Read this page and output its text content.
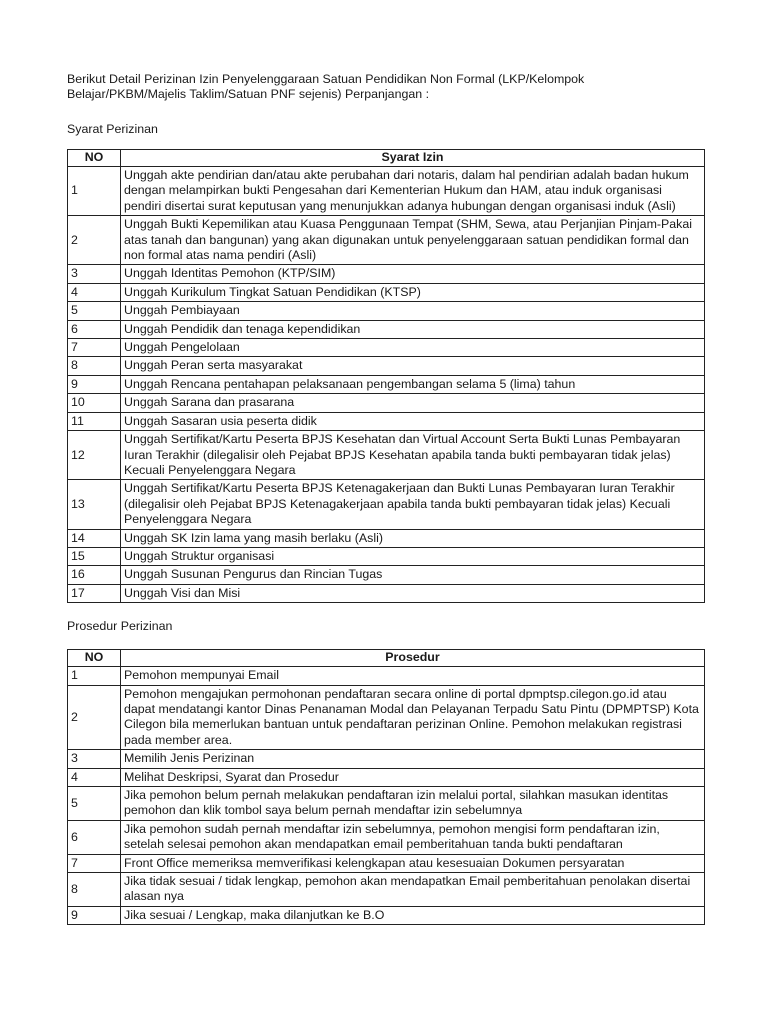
Berikut Detail Perizinan Izin Penyelenggaraan Satuan Pendidikan Non Formal (LKP/Kelompok Belajar/PKBM/Majelis Taklim/Satuan PNF sejenis) Perpanjangan :

Syarat Perizinan

NO	Syarat Izin
1	Unggah akte pendirian dan/atau akte perubahan dari notaris, dalam hal pendirian adalah badan hukum dengan melampirkan bukti Pengesahan dari Kementerian Hukum dan HAM, atau induk organisasi pendiri disertai surat keputusan yang menunjukkan adanya hubungan dengan organisasi induk (Asli)
2	Unggah Bukti Kepemilikan atau Kuasa Penggunaan Tempat (SHM, Sewa, atau Perjanjian Pinjam-Pakai atas tanah dan bangunan) yang akan digunakan untuk penyelenggaraan satuan pendidikan formal dan non formal atas nama pendiri (Asli)
3	Unggah Identitas Pemohon (KTP/SIM)
4	Unggah Kurikulum Tingkat Satuan Pendidikan (KTSP)
5	Unggah Pembiayaan
6	Unggah Pendidik dan tenaga kependidikan
7	Unggah Pengelolaan
8	Unggah Peran serta masyarakat
9	Unggah Rencana pentahapan pelaksanaan pengembangan selama 5 (lima) tahun
10	Unggah Sarana dan prasarana
11	Unggah Sasaran usia peserta didik
12	Unggah Sertifikat/Kartu Peserta BPJS Kesehatan dan Virtual Account Serta Bukti Lunas Pembayaran Iuran Terakhir (dilegalisir oleh Pejabat BPJS Kesehatan apabila tanda bukti pembayaran tidak jelas) Kecuali Penyelenggara Negara
13	Unggah Sertifikat/Kartu Peserta BPJS Ketenagakerjaan dan Bukti Lunas Pembayaran Iuran Terakhir (dilegalisir oleh Pejabat BPJS Ketenagakerjaan apabila tanda bukti pembayaran tidak jelas) Kecuali Penyelenggara Negara
14	Unggah SK Izin lama yang masih berlaku (Asli)
15	Unggah Struktur organisasi
16	Unggah Susunan Pengurus dan Rincian Tugas
17	Unggah Visi dan Misi

Prosedur Perizinan

NO	Prosedur
1	Pemohon mempunyai Email
2	Pemohon mengajukan permohonan pendaftaran secara online di portal dpmptsp.cilegon.go.id atau dapat mendatangi kantor Dinas Penanaman Modal dan Pelayanan Terpadu Satu Pintu (DPMPTSP) Kota Cilegon bila memerlukan bantuan untuk pendaftaran perizinan Online. Pemohon melakukan registrasi pada member area.
3	Memilih Jenis Perizinan
4	Melihat Deskripsi, Syarat dan Prosedur
5	Jika pemohon belum pernah melakukan pendaftaran izin melalui portal, silahkan masukan identitas pemohon dan klik tombol saya belum pernah mendaftar izin sebelumnya
6	Jika pemohon sudah pernah mendaftar izin sebelumnya, pemohon mengisi form pendaftaran izin, setelah selesai pemohon akan mendapatkan email pemberitahuan tanda bukti pendaftaran
7	Front Office memeriksa memverifikasi kelengkapan atau kesesuaian Dokumen persyaratan
8	Jika tidak sesuai / tidak lengkap, pemohon akan mendapatkan Email pemberitahuan penolakan disertai alasan nya
9	Jika sesuai / Lengkap, maka dilanjutkan ke B.O
